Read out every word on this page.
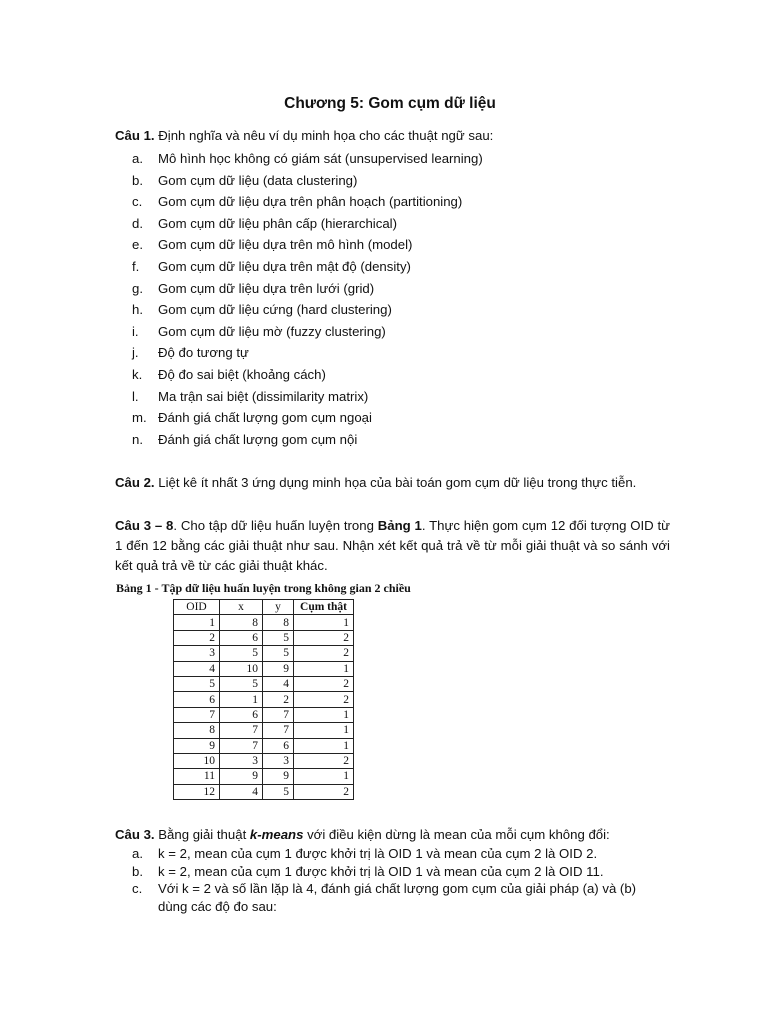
Chương 5: Gom cụm dữ liệu
Câu 1. Định nghĩa và nêu ví dụ minh họa cho các thuật ngữ sau:
a. Mô hình học không có giám sát (unsupervised learning)
b. Gom cụm dữ liệu (data clustering)
c. Gom cụm dữ liệu dựa trên phân hoạch (partitioning)
d. Gom cụm dữ liệu phân cấp (hierarchical)
e. Gom cụm dữ liệu dựa trên mô hình (model)
f. Gom cụm dữ liệu dựa trên mật độ (density)
g. Gom cụm dữ liệu dựa trên lưới (grid)
h. Gom cụm dữ liệu cứng (hard clustering)
i. Gom cụm dữ liệu mờ (fuzzy clustering)
j. Độ đo tương tự
k. Độ đo sai biệt (khoảng cách)
l. Ma trận sai biệt (dissimilarity matrix)
m. Đánh giá chất lượng gom cụm ngoại
n. Đánh giá chất lượng gom cụm nội
Câu 2. Liệt kê ít nhất 3 ứng dụng minh họa của bài toán gom cụm dữ liệu trong thực tiễn.
Câu 3 – 8. Cho tập dữ liệu huấn luyện trong Bảng 1. Thực hiện gom cụm 12 đối tượng OID từ 1 đến 12 bằng các giải thuật như sau. Nhận xét kết quả trả về từ mỗi giải thuật và so sánh với kết quả trả về từ các giải thuật khác.
Bảng 1 - Tập dữ liệu huấn luyện trong không gian 2 chiều
OID	x	y	Cụm thật
1	8	8	1
2	6	5	2
3	5	5	2
4	10	9	1
5	5	4	2
6	1	2	2
7	6	7	1
8	7	7	1
9	7	6	1
10	3	3	2
11	9	9	1
12	4	5	2
Câu 3. Bằng giải thuật k-means với điều kiện dừng là mean của mỗi cụm không đổi:
a. k = 2, mean của cụm 1 được khởi trị là OID 1 và mean của cụm 2 là OID 2.
b. k = 2, mean của cụm 1 được khởi trị là OID 1 và mean của cụm 2 là OID 11.
c. Với k = 2 và số lần lặp là 4, đánh giá chất lượng gom cụm của giải pháp (a) và (b)
dùng các độ đo sau:
